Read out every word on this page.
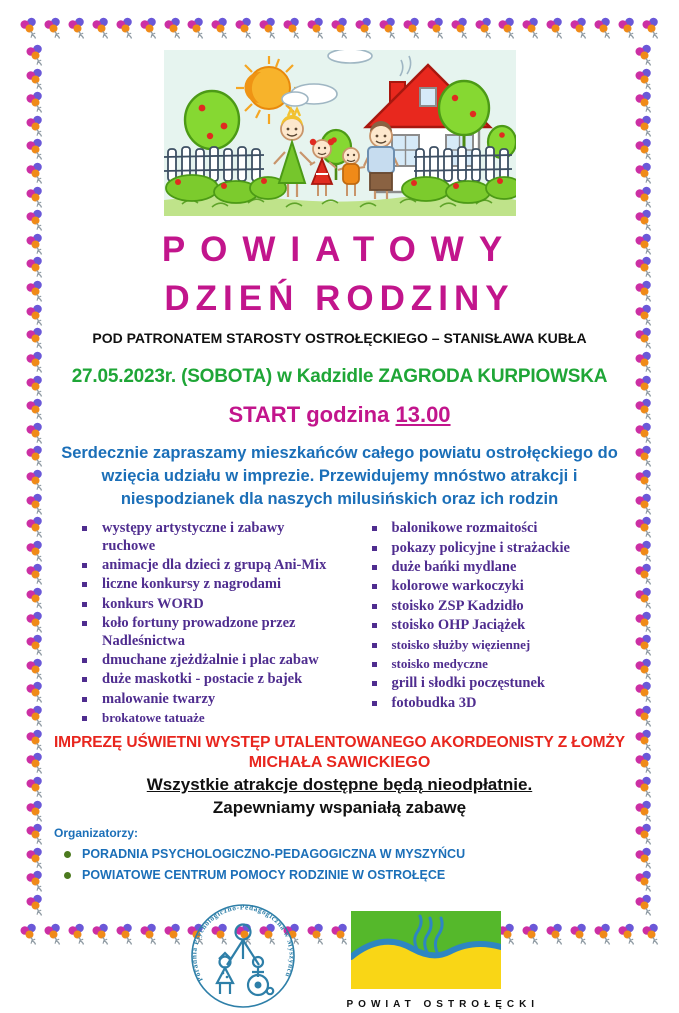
POWIATOWY
DZIEŃ RODZINY
POD PATRONATEM STAROSTY OSTROŁĘCKIEGO – STANISŁAWA KUBŁA
27.05.2023r. (SOBOTA) w Kadzidle ZAGRODA KURPIOWSKA
START godzina 13.00
Serdecznie zapraszamy mieszkańców całego powiatu ostrołęckiego do wzięcia udziału w imprezie. Przewidujemy mnóstwo atrakcji i niespodzianek dla naszych milusińskich oraz ich rodzin
występy artystyczne i zabawy ruchowe
animacje dla dzieci z grupą Ani-Mix
liczne konkursy z nagrodami
konkurs WORD
koło fortuny prowadzone przez Nadleśnictwa
dmuchane zjeżdżalnie i plac zabaw
duże maskotki - postacie z bajek
malowanie twarzy
brokatowe tatuaże
balonikowe rozmaitości
pokazy policyjne i strażackie
duże bańki mydlane
kolorowe warkoczyki
stoisko ZSP Kadzidło
stoisko OHP Jaciążek
stoisko służby więziennej
stoisko medyczne
grill i słodki poczęstunek
fotobudka 3D
IMPREZĘ UŚWIETNI WYSTĘP UTALENTOWANEGO AKORDEONISTY Z ŁOMŻY
MICHAŁA SAWICKIEGO
Wszystkie atrakcje dostępne będą nieodpłatnie.
Zapewniamy wspaniałą zabawę
Organizatorzy:
PORADNIA PSYCHOLOGICZNO-PEDAGOGICZNA W MYSZYŃCU
POWIATOWE CENTRUM POMOCY RODZINIE W OSTROŁĘCE
Poradnia Psychologiczno-Pedagogiczna w Myszyńcu
POWIAT OSTROŁĘCKI
